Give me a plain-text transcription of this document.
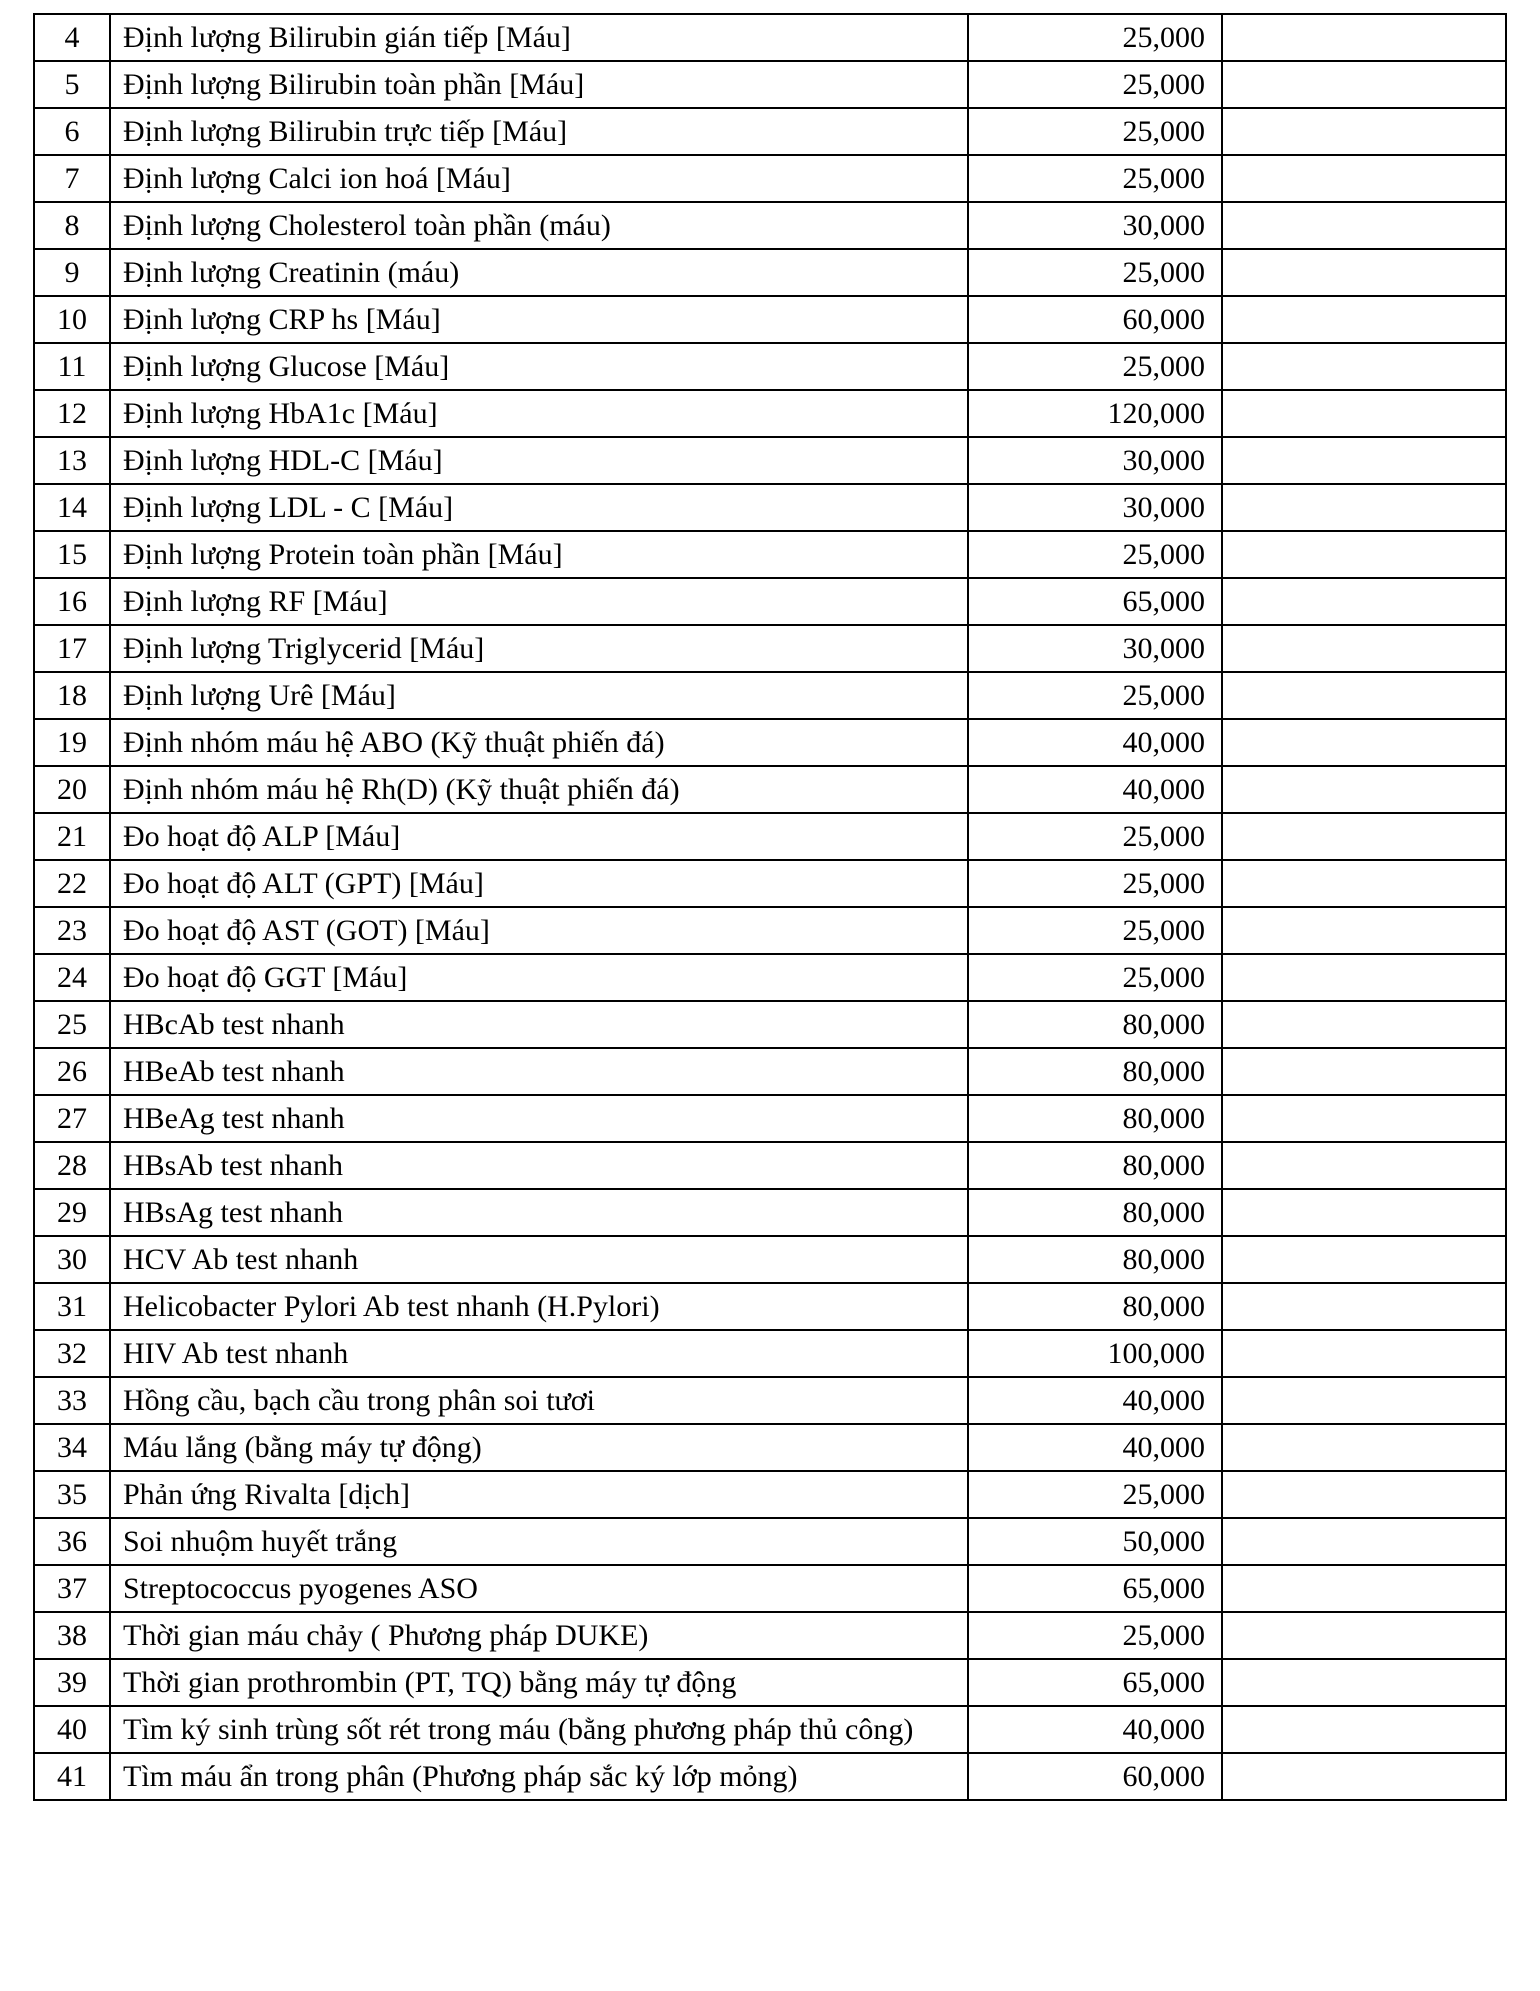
4	Định lượng Bilirubin gián tiếp [Máu]	25,000	
5	Định lượng Bilirubin toàn phần [Máu]	25,000	
6	Định lượng Bilirubin trực tiếp [Máu]	25,000	
7	Định lượng Calci ion hoá [Máu]	25,000	
8	Định lượng Cholesterol toàn phần (máu)	30,000	
9	Định lượng Creatinin (máu)	25,000	
10	Định lượng CRP hs [Máu]	60,000	
11	Định lượng Glucose [Máu]	25,000	
12	Định lượng HbA1c [Máu]	120,000	
13	Định lượng HDL-C [Máu]	30,000	
14	Định lượng LDL - C [Máu]	30,000	
15	Định lượng Protein toàn phần [Máu]	25,000	
16	Định lượng RF [Máu]	65,000	
17	Định lượng Triglycerid [Máu]	30,000	
18	Định lượng Urê [Máu]	25,000	
19	Định nhóm máu hệ ABO (Kỹ thuật phiến đá)	40,000	
20	Định nhóm máu hệ Rh(D) (Kỹ thuật phiến đá)	40,000	
21	Đo hoạt độ ALP [Máu]	25,000	
22	Đo hoạt độ ALT (GPT) [Máu]	25,000	
23	Đo hoạt độ AST (GOT) [Máu]	25,000	
24	Đo hoạt độ GGT [Máu]	25,000	
25	HBcAb test nhanh	80,000	
26	HBeAb test nhanh	80,000	
27	HBeAg test nhanh	80,000	
28	HBsAb test nhanh	80,000	
29	HBsAg test nhanh	80,000	
30	HCV Ab test nhanh	80,000	
31	Helicobacter Pylori Ab test nhanh (H.Pylori)	80,000	
32	HIV Ab test nhanh	100,000	
33	Hồng cầu, bạch cầu trong phân soi tươi	40,000	
34	Máu lắng (bằng máy tự động)	40,000	
35	Phản ứng Rivalta [dịch]	25,000	
36	Soi nhuộm huyết trắng	50,000	
37	Streptococcus pyogenes ASO	65,000	
38	Thời gian máu chảy ( Phương pháp DUKE)	25,000	
39	Thời gian prothrombin (PT, TQ) bằng máy tự động	65,000	
40	Tìm ký sinh trùng sốt rét trong máu (bằng phương pháp thủ công)	40,000	
41	Tìm máu ẩn trong phân (Phương pháp sắc ký lớp mỏng)	60,000	
